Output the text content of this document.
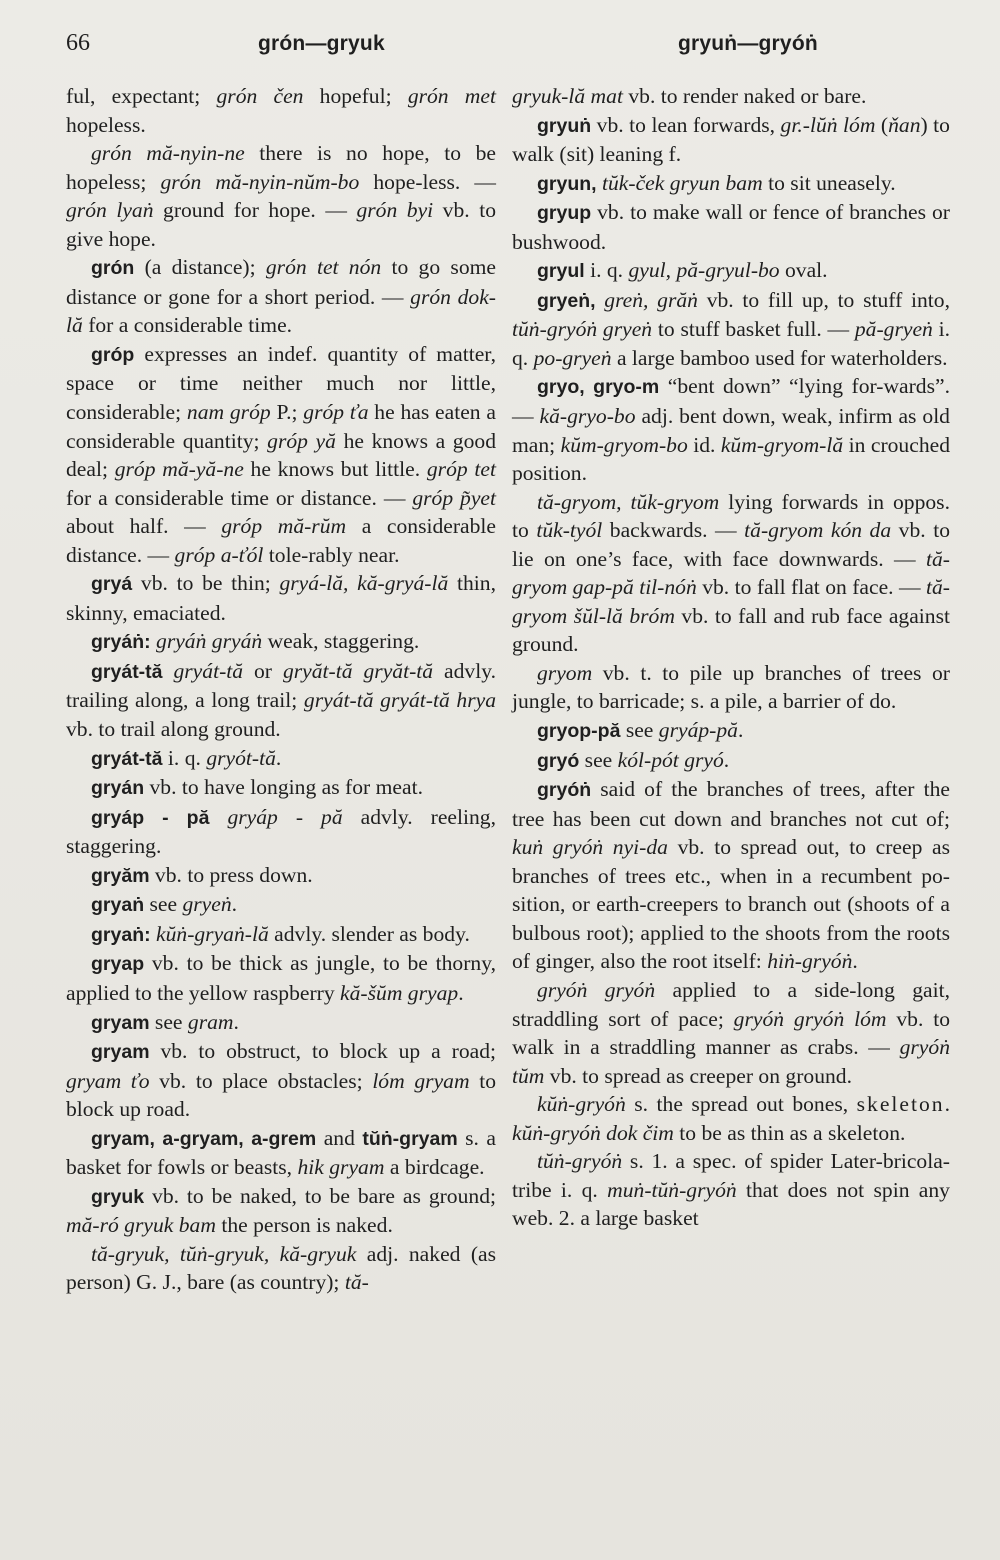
66	grón—gryuk	gryuṅ—gryóṅ

ful, expectant; grón čen hopeful; grón met hopeless.

grón mă-nyin-ne there is no hope, to be hopeless; grón mă-nyin-nŭm-bo hope-less. — grón lyaṅ ground for hope. — grón byi vb. to give hope.

grón (a distance); grón tet nón to go some distance or gone for a short period. — grón dok-lă for a considerable time.

gróp expresses an indef. quantity of matter, space or time neither much nor little, considerable; nam gróp P.; gróp ťa he has eaten a considerable quantity; gróp yă he knows a good deal; gróp mă-yă-ne he knows but little. gróp tet for a considerable time or distance. — gróp p̃yet about half. — gróp mă-rŭm a considerable distance. — gróp a-ťól tole-rably near.

gryá vb. to be thin; gryá-lă, kă-gryá-lă thin, skinny, emaciated.

gryáṅ: gryáṅ gryáṅ weak, staggering.

gryát-tă gryát-tă or gryăt-tă gryăt-tă advly. trailing along, a long trail; gryát-tă gryát-tă hrya vb. to trail along ground.

gryát-tă i. q. gryót-tă.

gryán vb. to have longing as for meat.

gryáp - pă gryáp - pă advly. reeling, staggering.

gryăm vb. to press down.

gryaṅ see gryeṅ.

gryaṅ: kŭṅ-gryaṅ-lă advly. slender as body.

gryap vb. to be thick as jungle, to be thorny, applied to the yellow raspberry kă-šŭm gryap.

gryam see gram.

gryam vb. to obstruct, to block up a road; gryam ťo vb. to place obstacles; lóm gryam to block up road.

gryam, a-gryam, a-grem and tŭṅ-gryam s. a basket for fowls or beasts, hik gryam a birdcage.

gryuk vb. to be naked, to be bare as ground; mă-ró gryuk bam the person is naked.

tă-gryuk, tŭṅ-gryuk, kă-gryuk adj. naked (as person) G. J., bare (as country); tă-

gryuk-lă mat vb. to render naked or bare.

gryuṅ vb. to lean forwards, gr.-lŭṅ lóm (ňan) to walk (sit) leaning f.

gryun, tŭk-ček gryun bam to sit uneasely.

gryup vb. to make wall or fence of branches or bushwood.

gryul i. q. gyul, pă-gryul-bo oval.

gryeṅ, greṅ, grăṅ vb. to fill up, to stuff into, tŭṅ-gryóṅ gryeṅ to stuff basket full. — pă-gryeṅ i. q. po-gryeṅ a large bamboo used for waterholders.

gryo, gryo-m “bent down” “lying for-wards”. — kă-gryo-bo adj. bent down, weak, infirm as old man; kŭm-gryom-bo id. kŭm-gryom-lă in crouched position.

tă-gryom, tŭk-gryom lying forwards in oppos. to tŭk-tyól backwards. — tă-gryom kón da vb. to lie on one’s face, with face downwards. — tă-gryom gap-pă til-nóṅ vb. to fall flat on face. — tă-gryom šŭl-lă bróm vb. to fall and rub face against ground.

gryom vb. t. to pile up branches of trees or jungle, to barricade; s. a pile, a barrier of do.

gryop-pă see gryáp-pă.

gryó see kól-pót gryó.

gryóṅ said of the branches of trees, after the tree has been cut down and branches not cut of; kuṅ gryóṅ nyi-da vb. to spread out, to creep as branches of trees etc., when in a recumbent po-sition, or earth-creepers to branch out (shoots of a bulbous root); applied to the shoots from the roots of ginger, also the root itself: hiṅ-gryóṅ.

gryóṅ gryóṅ applied to a side-long gait, straddling sort of pace; gryóṅ gryóṅ lóm vb. to walk in a straddling manner as crabs. — gryóṅ tŭm vb. to spread as creeper on ground.

kŭṅ-gryóṅ s. the spread out bones, skeleton. kŭṅ-gryóṅ dok čim to be as thin as a skeleton.

tŭṅ-gryóṅ s. 1. a spec. of spider Later-bricola-tribe i. q. muṅ-tŭṅ-gryóṅ that does not spin any web. 2. a large basket
